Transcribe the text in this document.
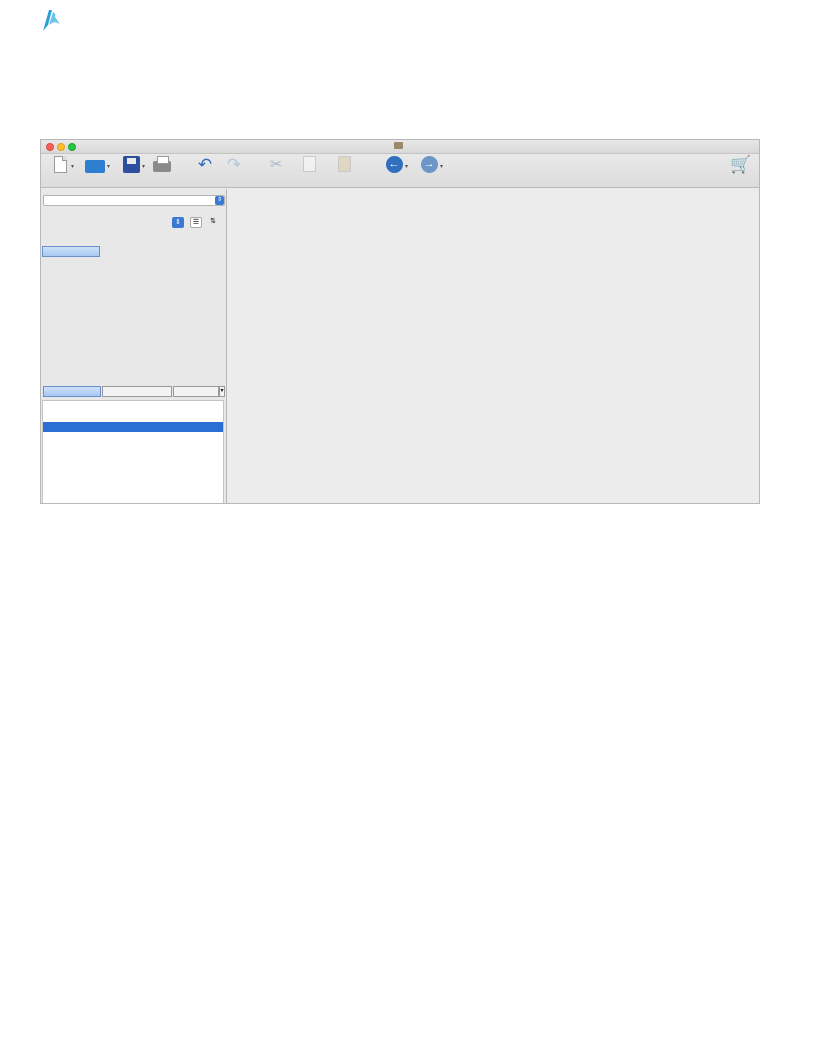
▾	▾	▾	↶ ↷ ✂	← ▾ → ▾	🛒
⇕
⇕	☰	⇅
▾
